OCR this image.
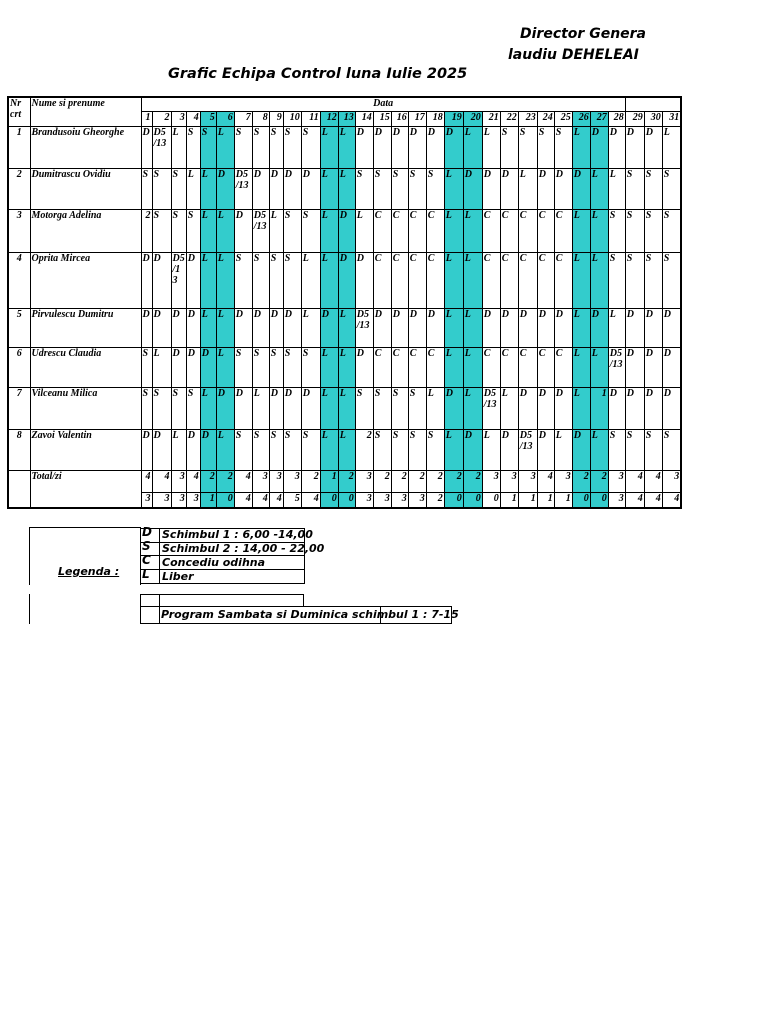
Director Genera
laudiu DEHELEAI
Grafic Echipa Control luna Iulie 2025
Nr crt	Nume si prenume	Data																														
		1	2	3	4	5	6	7	8	9	10	11	12	13	14	15	16	17	18	19	20	21	22	23	24	25	26	27	28	29	30	31
1	Brandusoiu Gheorghe	D	D5 /13	L	S	S	L	S	S	S	S	S	L	L	D	D	D	D	D	D	L	L	S	S	S	S	L	D	D	D	D	L
2	Dumitrascu Ovidiu	S	S	S	L	L	D	D5 /13	D	D	D	D	L	L	S	S	S	S	S	L	D	D	D	L	D	D	D	L	L	S	S	S
3	Motorga Adelina	2	S	S	S	L	L	D	D5 /13	L	S	S	L	D	L	C	C	C	C	L	L	C	C	C	C	C	L	L	S	S	S	S
4	Oprita Mircea	D	D	D5 /1 3	D	L	L	S	S	S	S	L	L	D	D	C	C	C	C	L	L	C	C	C	C	C	L	L	S	S	S	S
5	Pirvulescu Dumitru	D	D	D	D	L	L	D	D	D	D	L	D	L	D5 /13	D	D	D	D	L	L	D	D	D	D	D	L	D	L	D	D	D
6	Udrescu Claudia	S	L	D	D	D	L	S	S	S	S	S	L	L	D	C	C	C	C	L	L	C	C	C	C	C	L	L	D5 /13	D	D	D
7	Vilceanu Milica	S	S	S	S	L	D	D	L	D	D	D	L	L	S	S	S	S	L	D	L	D5 /13	L	D	D	D	L	1	D	D	D	D
8	Zavoi Valentin	D	D	L	D	D	L	S	S	S	S	S	L	L	2	S	S	S	S	L	D	L	D	D5 /13	D	L	D	L	S	S	S	S
	Total/zi	4	4	3	4	2	2	4	3	3	3	2	1	2	3	2	2	2	2	2	2	3	3	3	4	3	2	2	3	4	4	3
		3	3	3	3	1	0	4	4	4	5	4	0	0	3	3	3	3	2	0	0	0	1	1	1	1	0	0	3	4	4	4
Legenda :
D Schimbul 1 : 6,00 -14,00
S Schimbul 2 : 14,00 - 22,00
C Concediu odihna
L Liber
Program Sambata si Duminica schimbul 1 : 7-15
